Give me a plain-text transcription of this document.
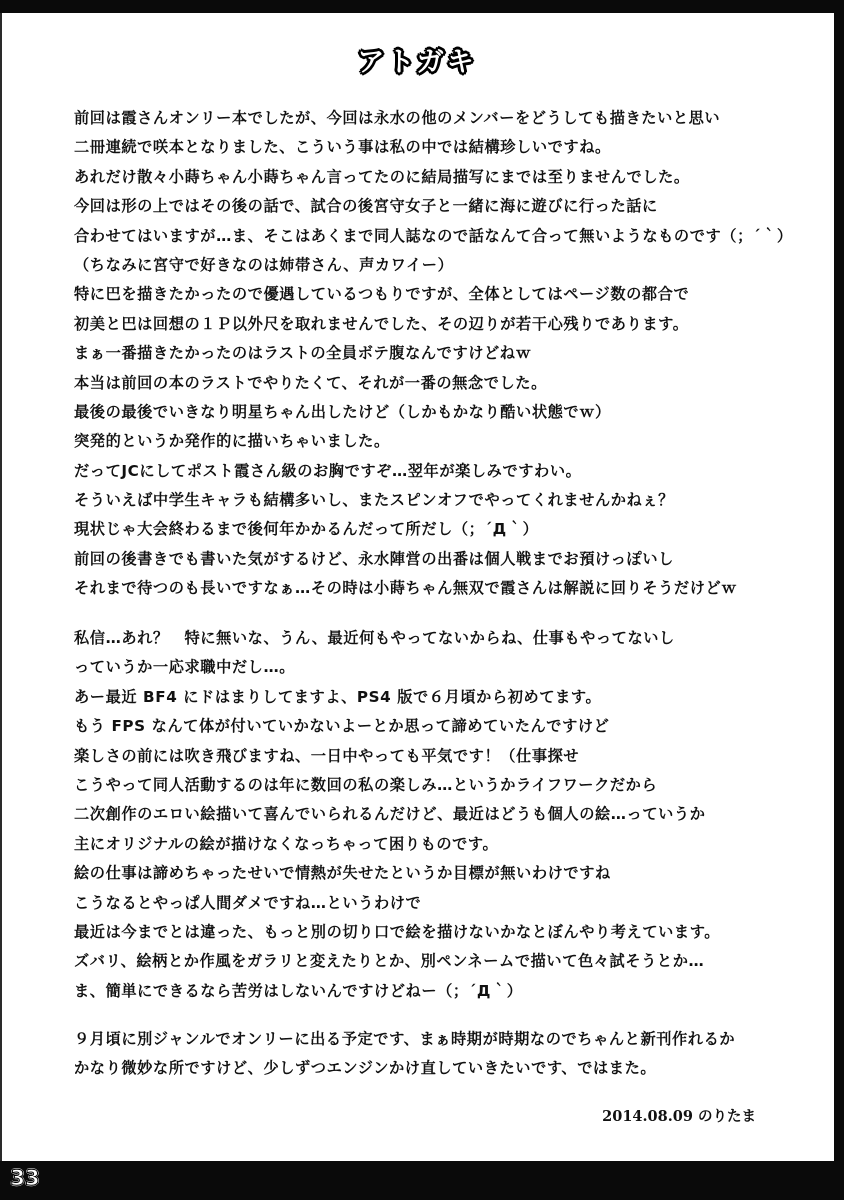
アトガキ
前回は霞さんオンリー本でしたが、今回は永水の他のメンバーをどうしても描きたいと思い
二冊連続で咲本となりました、こういう事は私の中では結構珍しいですね。
あれだけ散々小蒔ちゃん小蒔ちゃん言ってたのに結局描写にまでは至りませんでした。
今回は形の上ではその後の話で、試合の後宮守女子と一緒に海に遊びに行った話に
合わせてはいますが…ま、そこはあくまで同人誌なので話なんて合って無いようなものです（；´｀）
（ちなみに宮守で好きなのは姉帯さん、声カワイー）
特に巴を描きたかったので優遇しているつもりですが、全体としてはページ数の都合で
初美と巴は回想の１Ｐ以外尺を取れませんでした、その辺りが若干心残りであります。
まぁ一番描きたかったのはラストの全員ボテ腹なんですけどねｗ
本当は前回の本のラストでやりたくて、それが一番の無念でした。
最後の最後でいきなり明星ちゃん出したけど（しかもかなり酷い状態でｗ）
突発的というか発作的に描いちゃいました。
だってJCにしてポスト霞さん級のお胸ですぞ…翌年が楽しみですわい。
そういえば中学生キャラも結構多いし、またスピンオフでやってくれませんかねぇ？
現状じゃ大会終わるまで後何年かかるんだって所だし（；´Д｀）
前回の後書きでも書いた気がするけど、永水陣営の出番は個人戦までお預けっぽいし
それまで待つのも長いですなぁ…その時は小蒔ちゃん無双で霞さんは解説に回りそうだけどｗ
私信…あれ？　特に無いな、うん、最近何もやってないからね、仕事もやってないし
っていうか一応求職中だし…。
あー最近 BF4 にドはまりしてますよ、PS4 版で６月頃から初めてます。
もう FPS なんて体が付いていかないよーとか思って諦めていたんですけど
楽しさの前には吹き飛びますね、一日中やっても平気です！（仕事探せ
こうやって同人活動するのは年に数回の私の楽しみ…というかライフワークだから
二次創作のエロい絵描いて喜んでいられるんだけど、最近はどうも個人の絵…っていうか
主にオリジナルの絵が描けなくなっちゃって困りものです。
絵の仕事は諦めちゃったせいで情熱が失せたというか目標が無いわけですね
こうなるとやっぱ人間ダメですね…というわけで
最近は今までとは違った、もっと別の切り口で絵を描けないかなとぼんやり考えています。
ズバリ、絵柄とか作風をガラリと変えたりとか、別ペンネームで描いて色々試そうとか…
ま、簡単にできるなら苦労はしないんですけどねー（；´Д｀）
９月頃に別ジャンルでオンリーに出る予定です、まぁ時期が時期なのでちゃんと新刊作れるか
かなり微妙な所ですけど、少しずつエンジンかけ直していきたいです、ではまた。
2014.08.09 のりたま
33
